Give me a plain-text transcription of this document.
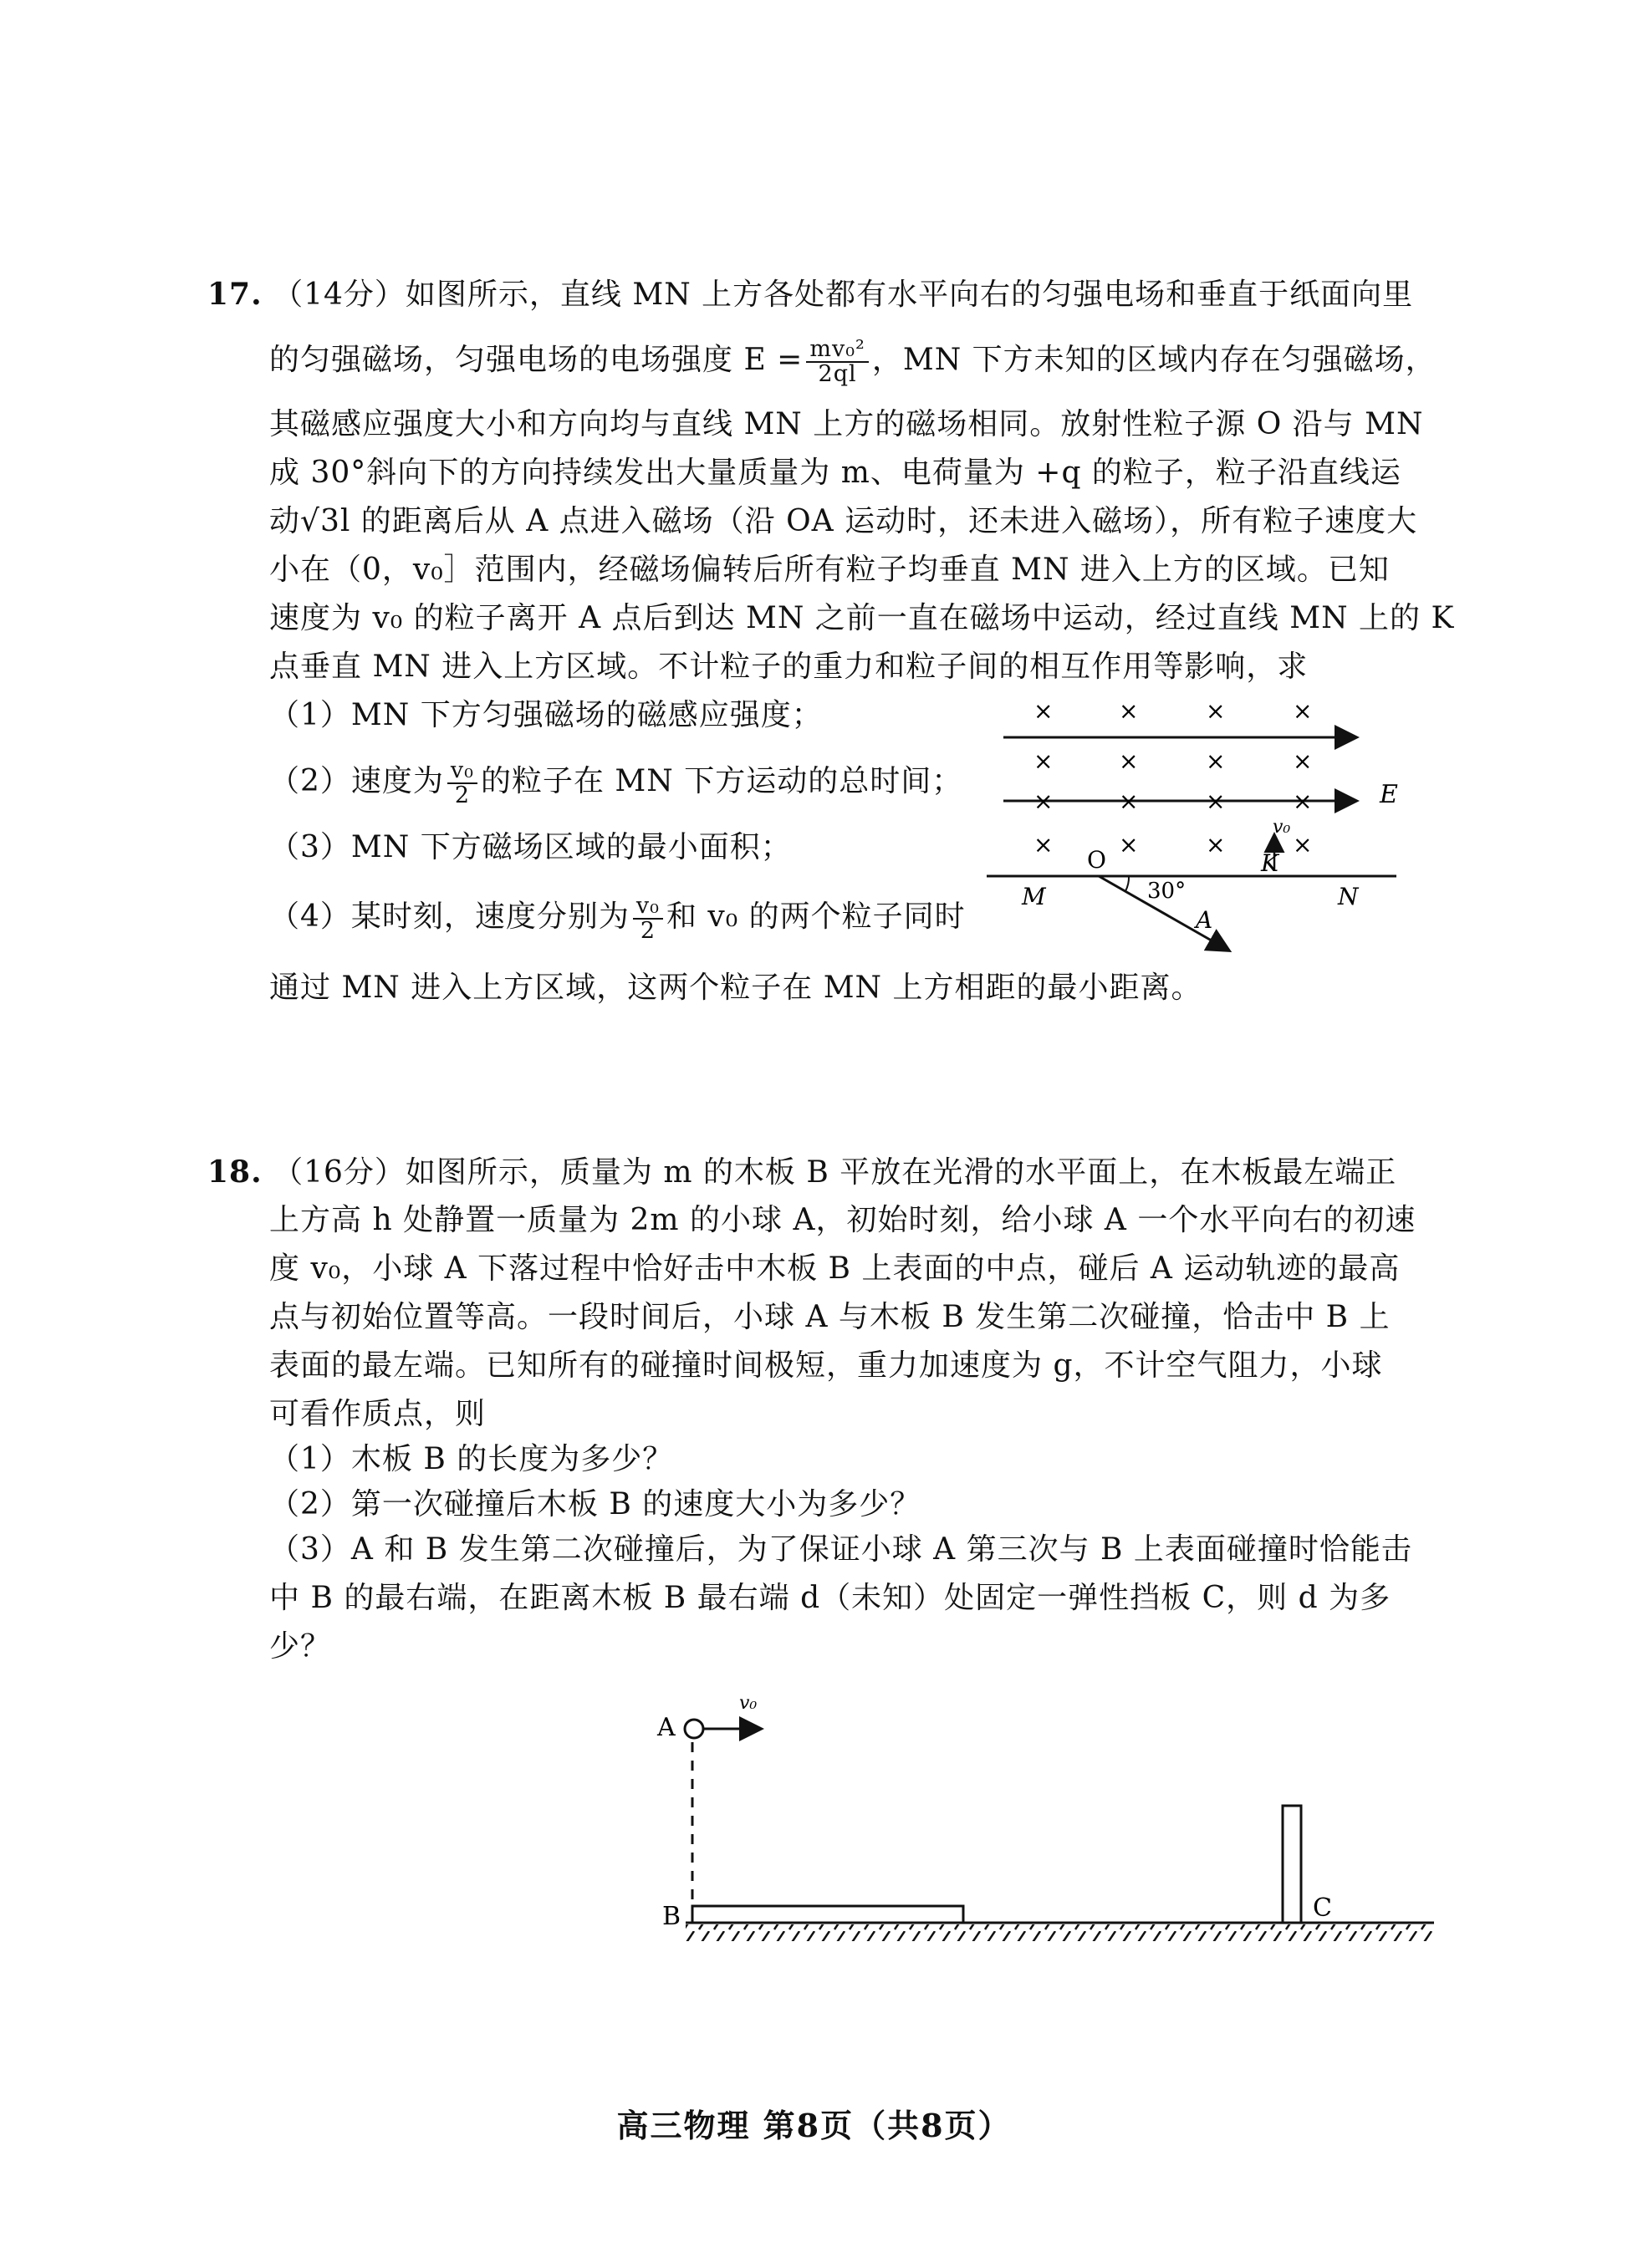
17. （14分）如图所示，直线 MN 上方各处都有水平向右的匀强电场和垂直于纸面向里
的匀强磁场，匀强电场的电场强度 $E = \frac{\text{mv₀²}}{2ql}$ ，MN 下方未知的区域内存在匀强磁场，
其磁感应强度大小和方向均与直线 MN 上方的磁场相同。放射性粒子源 O 沿与 MN
成 30°斜向下的方向持续发出大量质量为 m、电荷量为 +q 的粒子，粒子沿直线运
动√3l 的距离后从 A 点进入磁场（沿 OA 运动时，还未进入磁场），所有粒子速度大
小在（0，v₀］范围内，经磁场偏转后所有粒子均垂直 MN 进入上方的区域。已知
速度为 v₀ 的粒子离开 A 点后到达 MN 之前一直在磁场中运动，经过直线 MN 上的 K
点垂直 MN 进入上方区域。不计粒子的重力和粒子间的相互作用等影响，求
（1）MN 下方匀强磁场的磁感应强度；
（2）速度为 $\frac{\text{v₀}}{2}$ 的粒子在 MN 下方运动的总时间；
（3）MN 下方磁场区域的最小面积；
（4）某时刻，速度分别为 $\frac{\text{v₀}}{2}$ 和 v₀ 的两个粒子同时
通过 MN 进入上方区域，这两个粒子在 MN 上方相距的最小距离。
E
×	×	×	×
×	×	×	×
×	×	×	×
×	×	×	×
M	N
O
30°
A
v₀
K
18. （16分）如图所示，质量为 m 的木板 B 平放在光滑的水平面上，在木板最左端正
上方高 h 处静置一质量为 2m 的小球 A，初始时刻，给小球 A 一个水平向右的初速
度 v₀，小球 A 下落过程中恰好击中木板 B 上表面的中点，碰后 A 运动轨迹的最高
点与初始位置等高。一段时间后，小球 A 与木板 B 发生第二次碰撞，恰击中 B 上
表面的最左端。已知所有的碰撞时间极短，重力加速度为 g，不计空气阻力，小球
可看作质点，则
（1）木板 B 的长度为多少？
（2）第一次碰撞后木板 B 的速度大小为多少？
（3）A 和 B 发生第二次碰撞后，为了保证小球 A 第三次与 B 上表面碰撞时恰能击
中 B 的最右端，在距离木板 B 最右端 d（未知）处固定一弹性挡板 C，则 d 为多
少？
A
v₀
B	C
高三物理 第8页（共8页）
